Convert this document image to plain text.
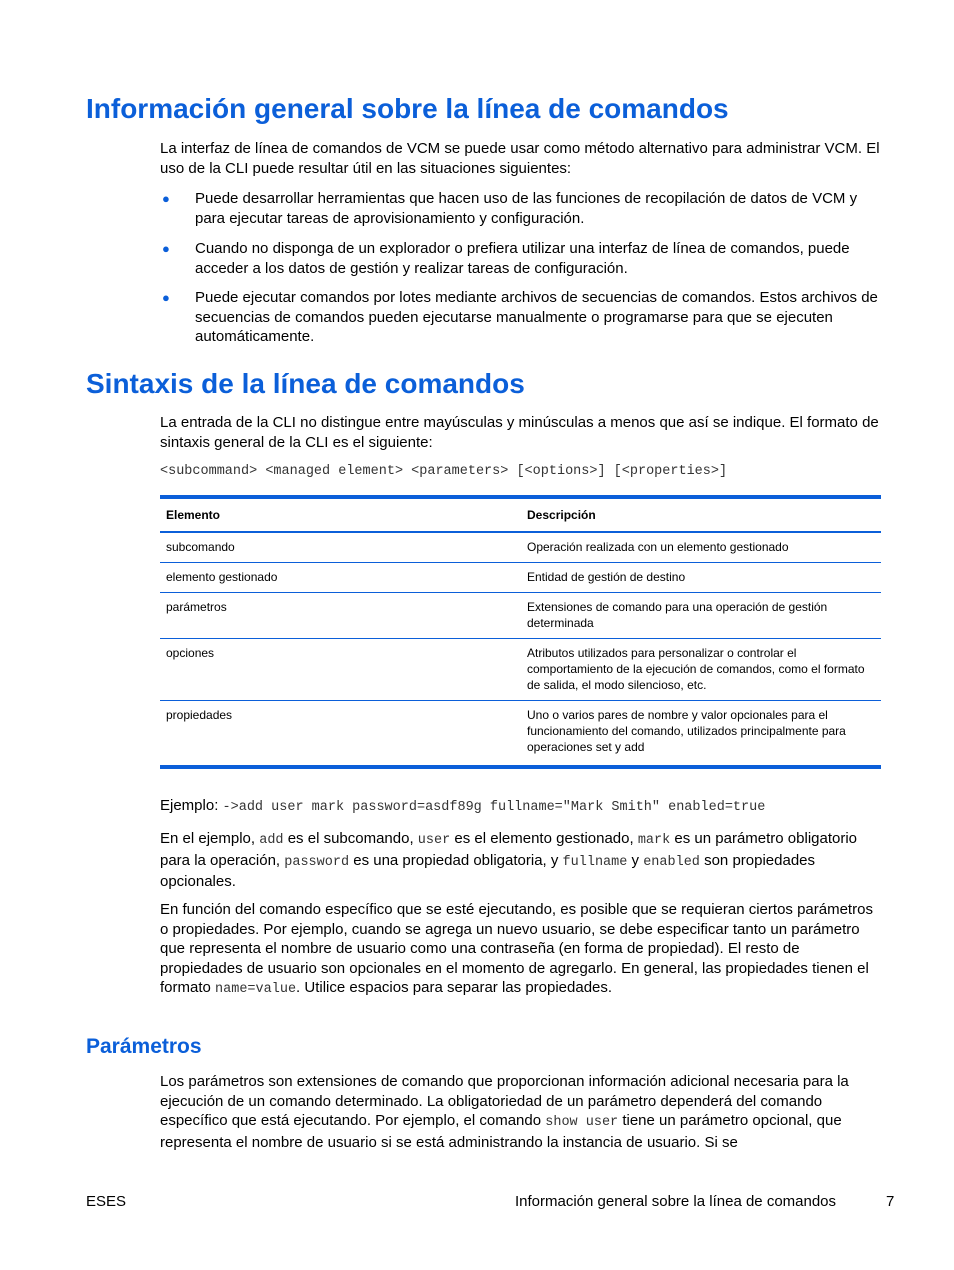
Información general sobre la línea de comandos

La interfaz de línea de comandos de VCM se puede usar como método alternativo para administrar VCM. El uso de la CLI puede resultar útil en las situaciones siguientes:

● Puede desarrollar herramientas que hacen uso de las funciones de recopilación de datos de VCM y para ejecutar tareas de aprovisionamiento y configuración.
● Cuando no disponga de un explorador o prefiera utilizar una interfaz de línea de comandos, puede acceder a los datos de gestión y realizar tareas de configuración.
● Puede ejecutar comandos por lotes mediante archivos de secuencias de comandos. Estos archivos de secuencias de comandos pueden ejecutarse manualmente o programarse para que se ejecuten automáticamente.
Sintaxis de la línea de comandos

La entrada de la CLI no distingue entre mayúsculas y minúsculas a menos que así se indique. El formato de sintaxis general de la CLI es el siguiente:

<subcommand> <managed element> <parameters> [<options>] [<properties>]

Elemento	Descripción
subcomando	Operación realizada con un elemento gestionado
elemento gestionado	Entidad de gestión de destino
parámetros	Extensiones de comando para una operación de gestión determinada
opciones	Atributos utilizados para personalizar o controlar el comportamiento de la ejecución de comandos, como el formato de salida, el modo silencioso, etc.
propiedades	Uno o varios pares de nombre y valor opcionales para el funcionamiento del comando, utilizados principalmente para operaciones set y add

Ejemplo: ->add user mark password=asdf89g fullname="Mark Smith" enabled=true

En el ejemplo, add es el subcomando, user es el elemento gestionado, mark es un parámetro obligatorio para la operación, password es una propiedad obligatoria, y fullname y enabled son propiedades opcionales.

En función del comando específico que se esté ejecutando, es posible que se requieran ciertos parámetros o propiedades. Por ejemplo, cuando se agrega un nuevo usuario, se debe especificar tanto un parámetro que representa el nombre de usuario como una contraseña (en forma de propiedad). El resto de propiedades de usuario son opcionales en el momento de agregarlo. En general, las propiedades tienen el formato name=value. Utilice espacios para separar las propiedades.

Parámetros

Los parámetros son extensiones de comando que proporcionan información adicional necesaria para la ejecución de un comando determinado. La obligatoriedad de un parámetro dependerá del comando específico que está ejecutando. Por ejemplo, el comando show user tiene un parámetro opcional, que representa el nombre de usuario si se está administrando la instancia de usuario. Si se

ESES	Información general sobre la línea de comandos	7
